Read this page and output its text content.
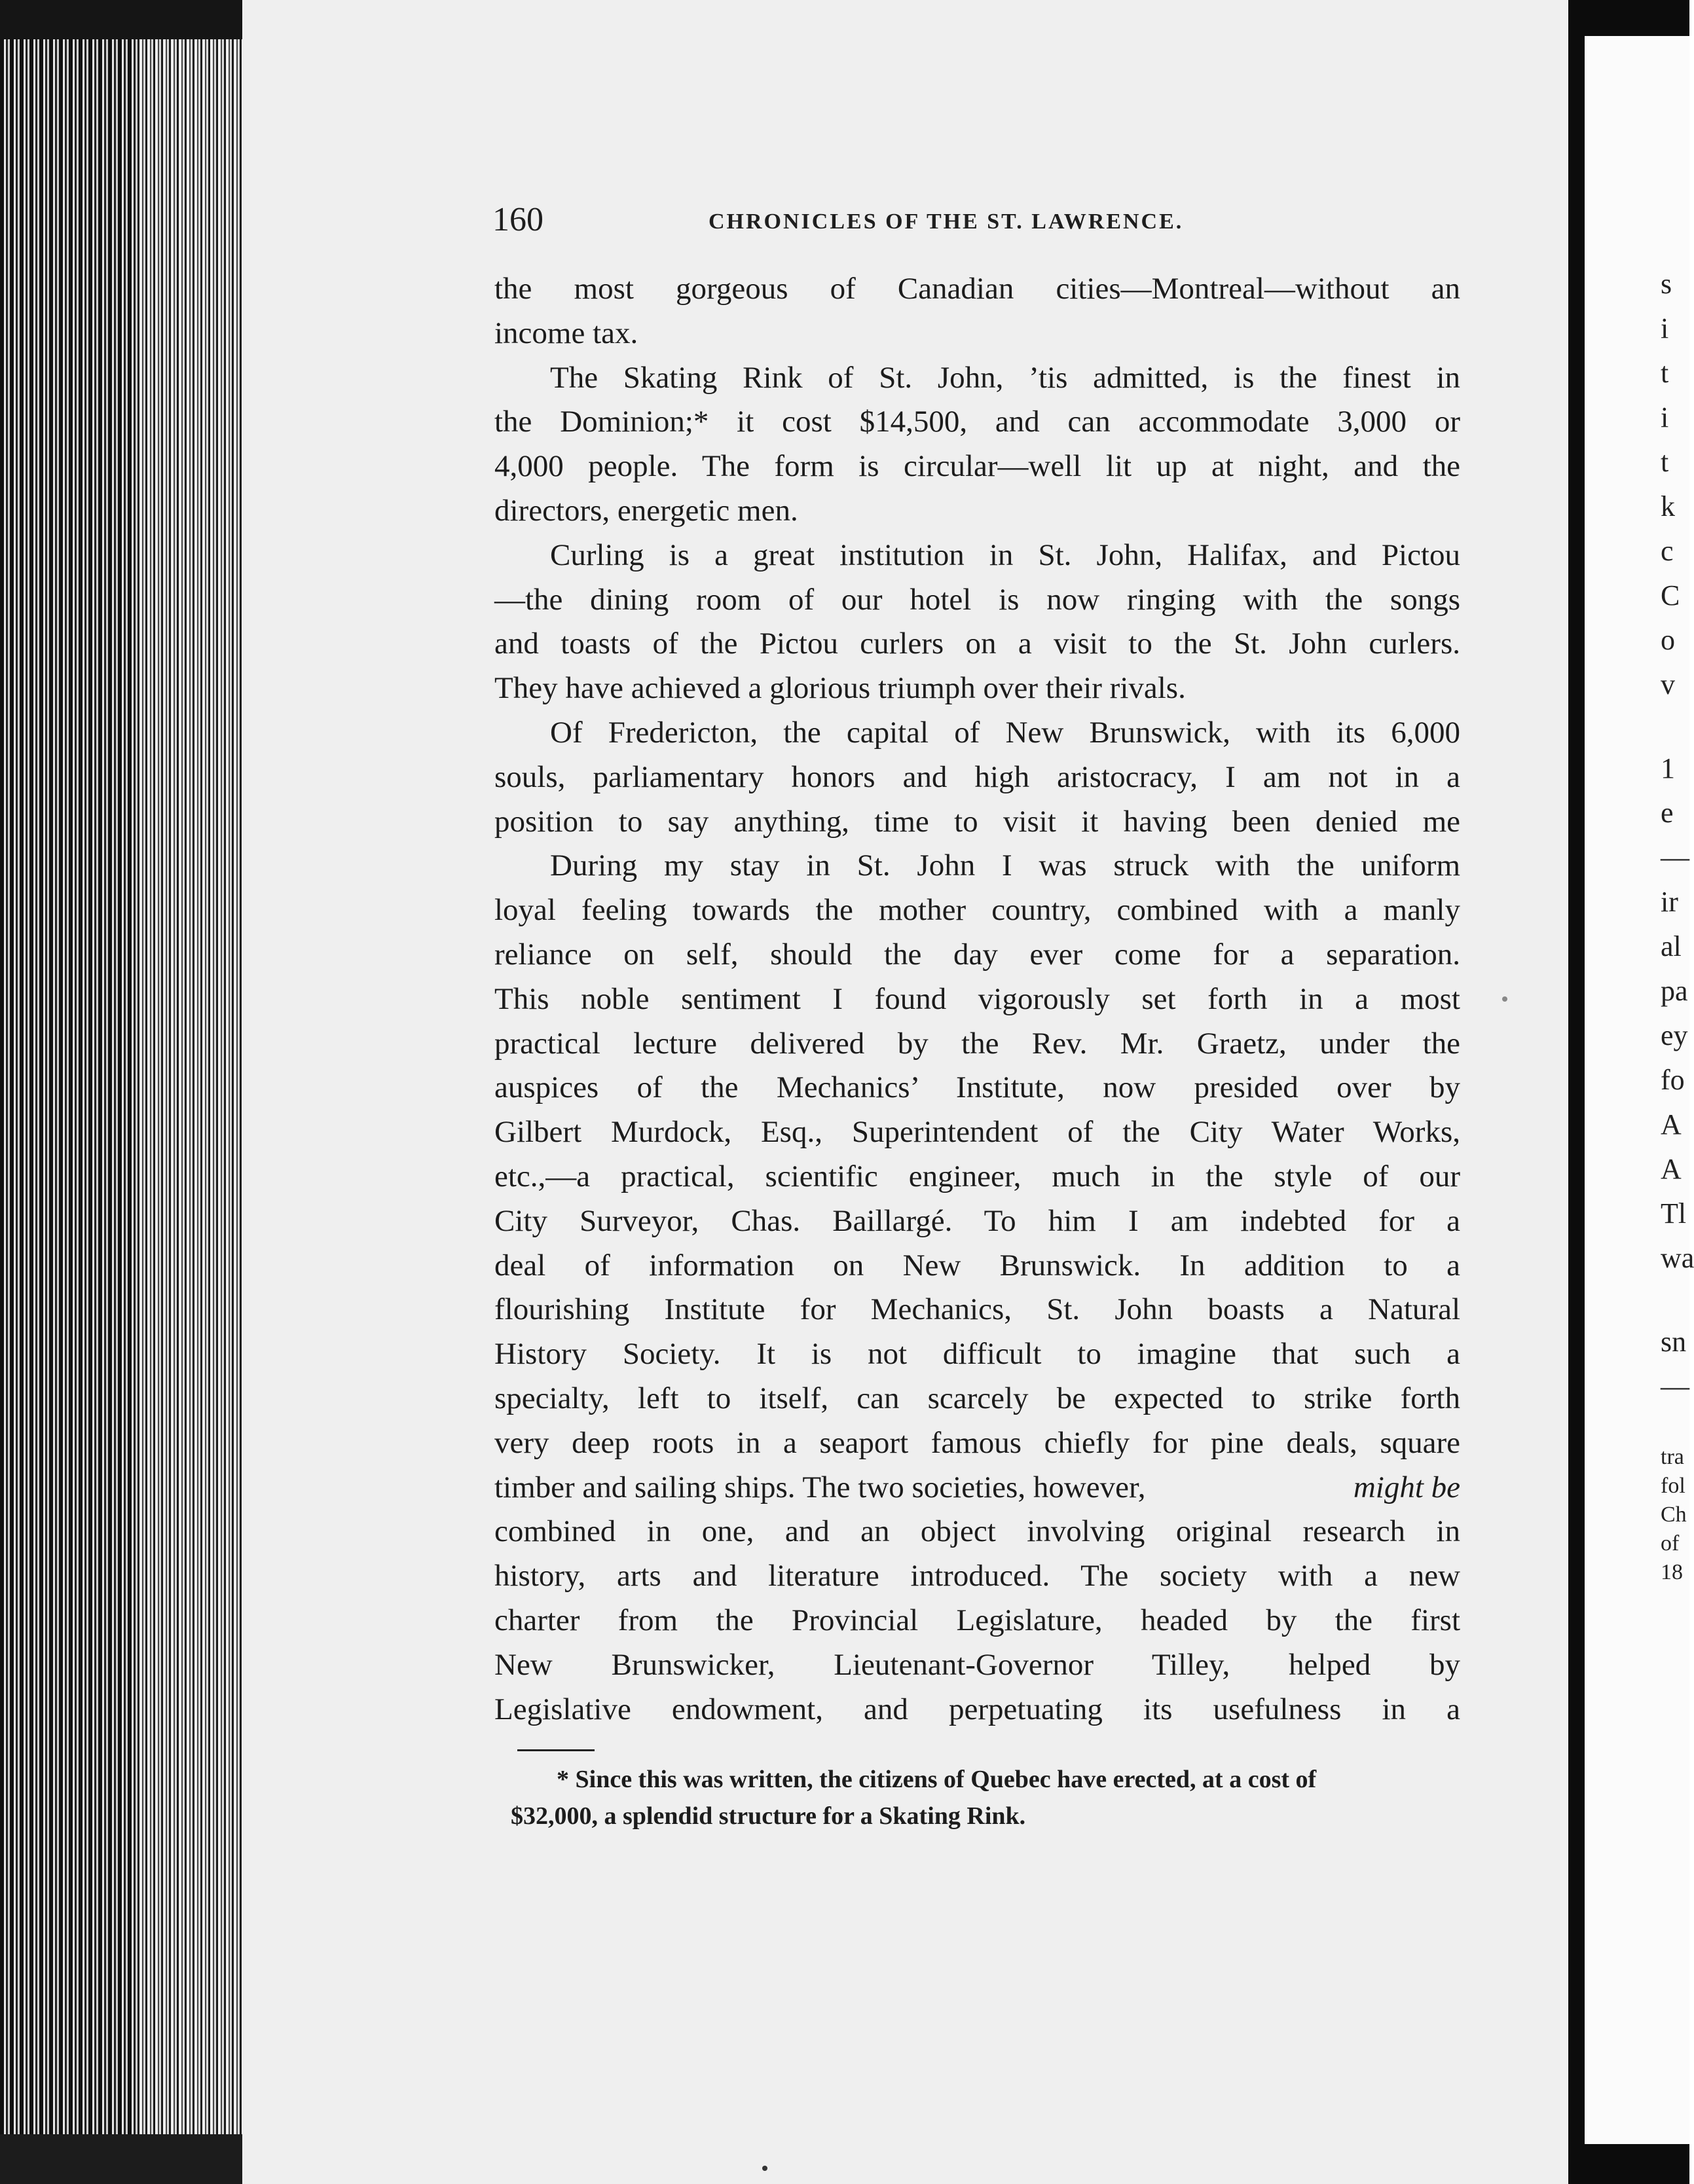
160	CHRONICLES OF THE ST. LAWRENCE.
the most gorgeous of Canadian cities—Montreal—without an
income tax.
The Skating Rink of St. John, ’tis admitted, is the finest in
the Dominion;* it cost $14,500, and can accommodate 3,000 or
4,000 people. The form is circular—well lit up at night, and the
directors, energetic men.
Curling is a great institution in St. John, Halifax, and Pictou
—the dining room of our hotel is now ringing with the songs
and toasts of the Pictou curlers on a visit to the St. John curlers.
They have achieved a glorious triumph over their rivals.
Of Fredericton, the capital of New Brunswick, with its 6,000
souls, parliamentary honors and high aristocracy, I am not in a
position to say anything, time to visit it having been denied me
During my stay in St. John I was struck with the uniform
loyal feeling towards the mother country, combined with a manly
reliance on self, should the day ever come for a separation.
This noble sentiment I found vigorously set forth in a most
practical lecture delivered by the Rev. Mr. Graetz, under the
auspices of the Mechanics’ Institute, now presided over by
Gilbert Murdock, Esq., Superintendent of the City Water Works,
etc.,—a practical, scientific engineer, much in the style of our
City Surveyor, Chas. Baillargé. To him I am indebted for a
deal of information on New Brunswick. In addition to a
flourishing Institute for Mechanics, St. John boasts a Natural
History Society. It is not difficult to imagine that such a
specialty, left to itself, can scarcely be expected to strike forth
very deep roots in a seaport famous chiefly for pine deals, square
timber and sailing ships. The two societies, however,	might be
combined in one, and an object involving original research in
history, arts and literature introduced. The society with a new
charter from the Provincial Legislature, headed by the first
New Brunswicker, Lieutenant-Governor Tilley, helped by
Legislative endowment, and perpetuating its usefulness in a
* Since this was written, the citizens of Quebec have erected, at a cost of
$32,000, a splendid structure for a Skating Rink.
s
i
t
i
t
k
c
C
o
v
1
e
—
ir
al
pa
ey
fo
A
A
Tl
wa
sn
—
tra
fol
Ch
of
18
